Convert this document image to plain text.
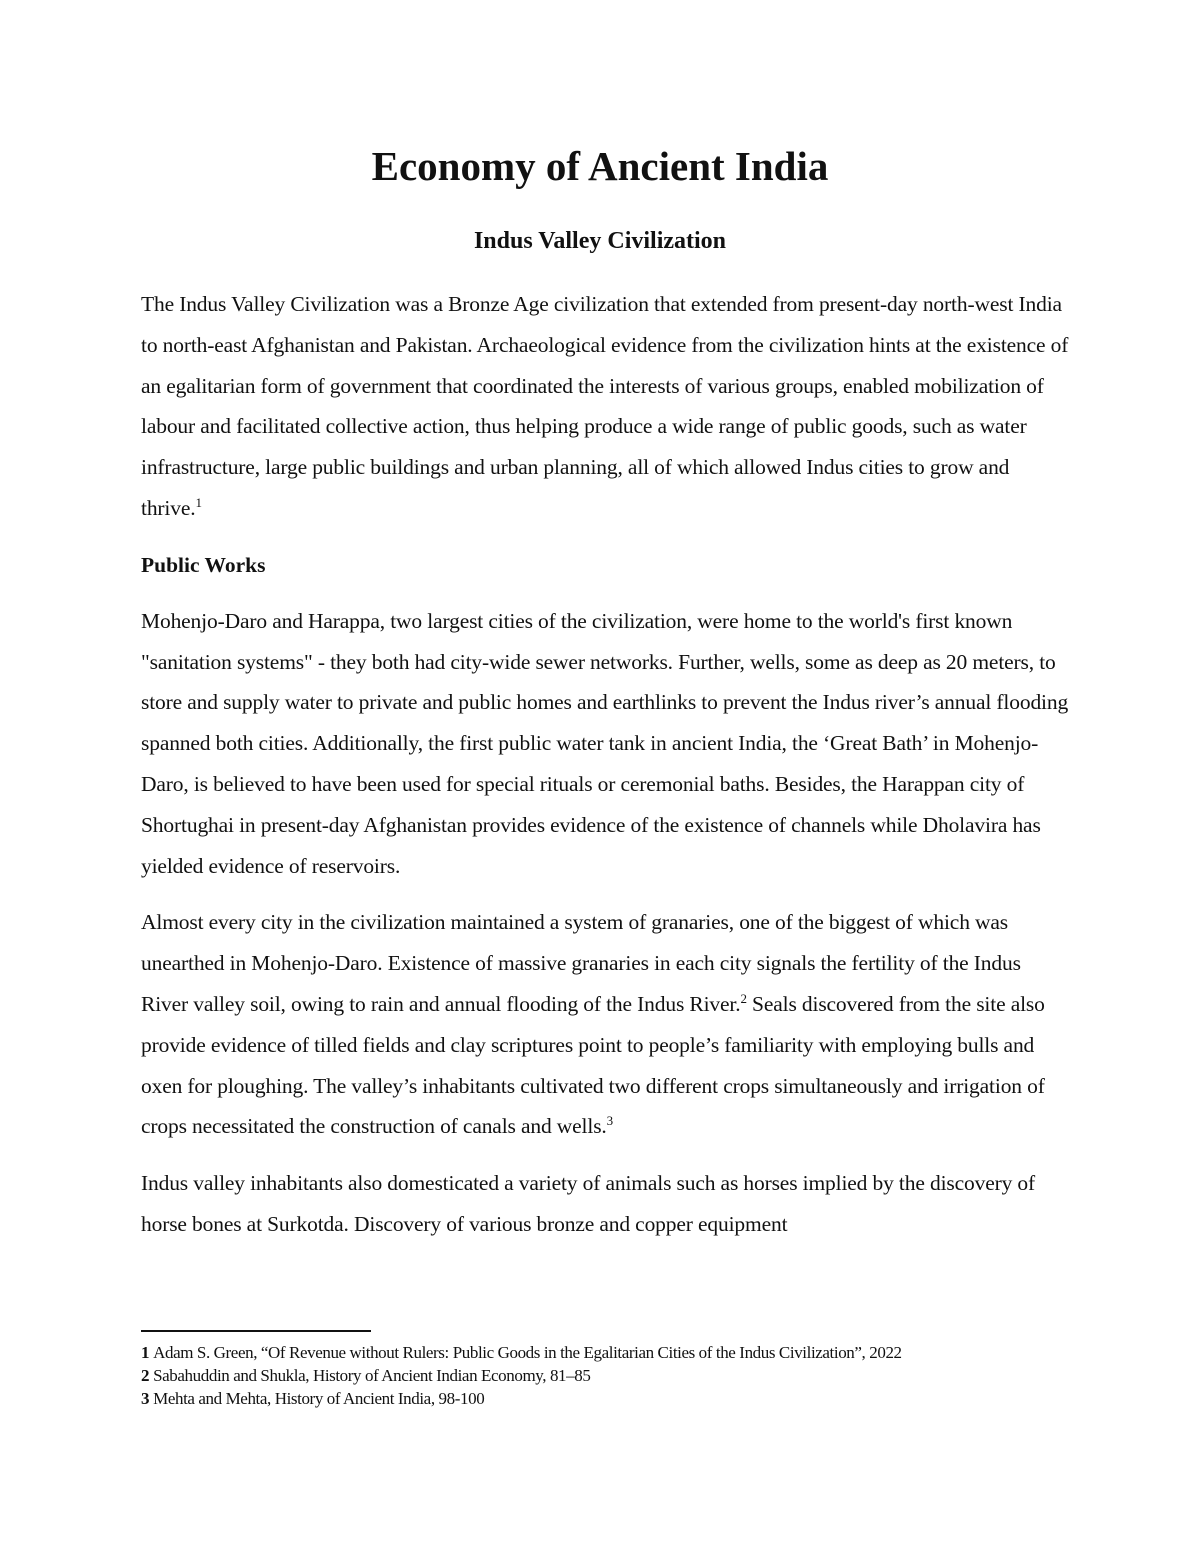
Economy of Ancient India
Indus Valley Civilization

The Indus Valley Civilization was a Bronze Age civilization that extended from present-day north-west India to north-east Afghanistan and Pakistan. Archaeological evidence from the civilization hints at the existence of an egalitarian form of government that coordinated the interests of various groups, enabled mobilization of labour and facilitated collective action, thus helping produce a wide range of public goods, such as water infrastructure, large public buildings and urban planning, all of which allowed Indus cities to grow and thrive.$^1$

Public Works

Mohenjo-Daro and Harappa, two largest cities of the civilization, were home to the world's first known "sanitation systems" - they both had city-wide sewer networks. Further, wells, some as deep as 20 meters, to store and supply water to private and public homes and earthlinks to prevent the Indus river’s annual flooding spanned both cities. Additionally, the first public water tank in ancient India, the ‘Great Bath’ in Mohenjo-Daro, is believed to have been used for special rituals or ceremonial baths. Besides, the Harappan city of Shortughai in present-day Afghanistan provides evidence of the existence of channels while Dholavira has yielded evidence of reservoirs.

Almost every city in the civilization maintained a system of granaries, one of the biggest of which was unearthed in Mohenjo-Daro. Existence of massive granaries in each city signals the fertility of the Indus River valley soil, owing to rain and annual flooding of the Indus River.$^2$ Seals discovered from the site also provide evidence of tilled fields and clay scriptures point to people’s familiarity with employing bulls and oxen for ploughing. The valley’s inhabitants cultivated two different crops simultaneously and irrigation of crops necessitated the construction of canals and wells.$^3$

Indus valley inhabitants also domesticated a variety of animals such as horses implied by the discovery of horse bones at Surkotda. Discovery of various bronze and copper equipment

1 Adam S. Green, “Of Revenue without Rulers: Public Goods in the Egalitarian Cities of the Indus Civilization”, 2022

2 Sabahuddin and Shukla, History of Ancient Indian Economy, 81–85

3 Mehta and Mehta, History of Ancient India, 98-100
